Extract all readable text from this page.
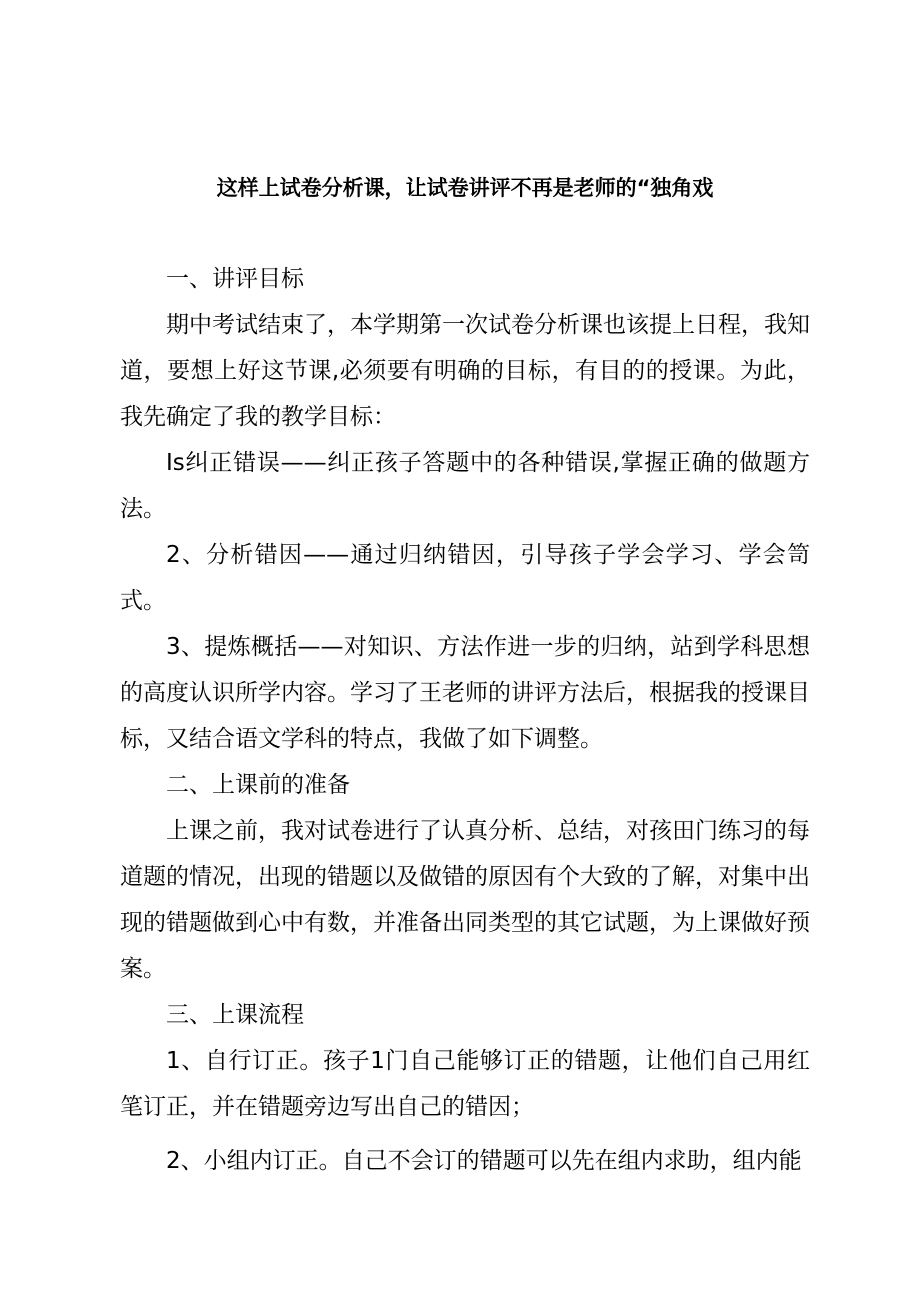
这样上试卷分析课，让试卷讲评不再是老师的“独角戏

一、讲评目标

期中考试结束了，本学期第一次试卷分析课也该提上日程，我知道，要想上好这节课,必须要有明确的目标，有目的的授课。为此，我先确定了我的教学目标：

Is纠正错误——纠正孩子答题中的各种错误,掌握正确的做题方法。

2、分析错因——通过归纳错因，引导孩子学会学习、学会笥式。

3、提炼概括——对知识、方法作进一步的归纳，站到学科思想的高度认识所学内容。学习了王老师的讲评方法后，根据我的授课目标，又结合语文学科的特点，我做了如下调整。

二、上课前的准备

上课之前，我对试卷进行了认真分析、总结，对孩田门练习的每道题的情况，出现的错题以及做错的原因有个大致的了解，对集中出现的错题做到心中有数，并准备出同类型的其它试题，为上课做好预案。

三、上课流程

1、自行订正。孩子1门自己能够订正的错题，让他们自己用红笔订正，并在错题旁边写出自己的错因；

2、小组内订正。自己不会订的错题可以先在组内求助，组内能
